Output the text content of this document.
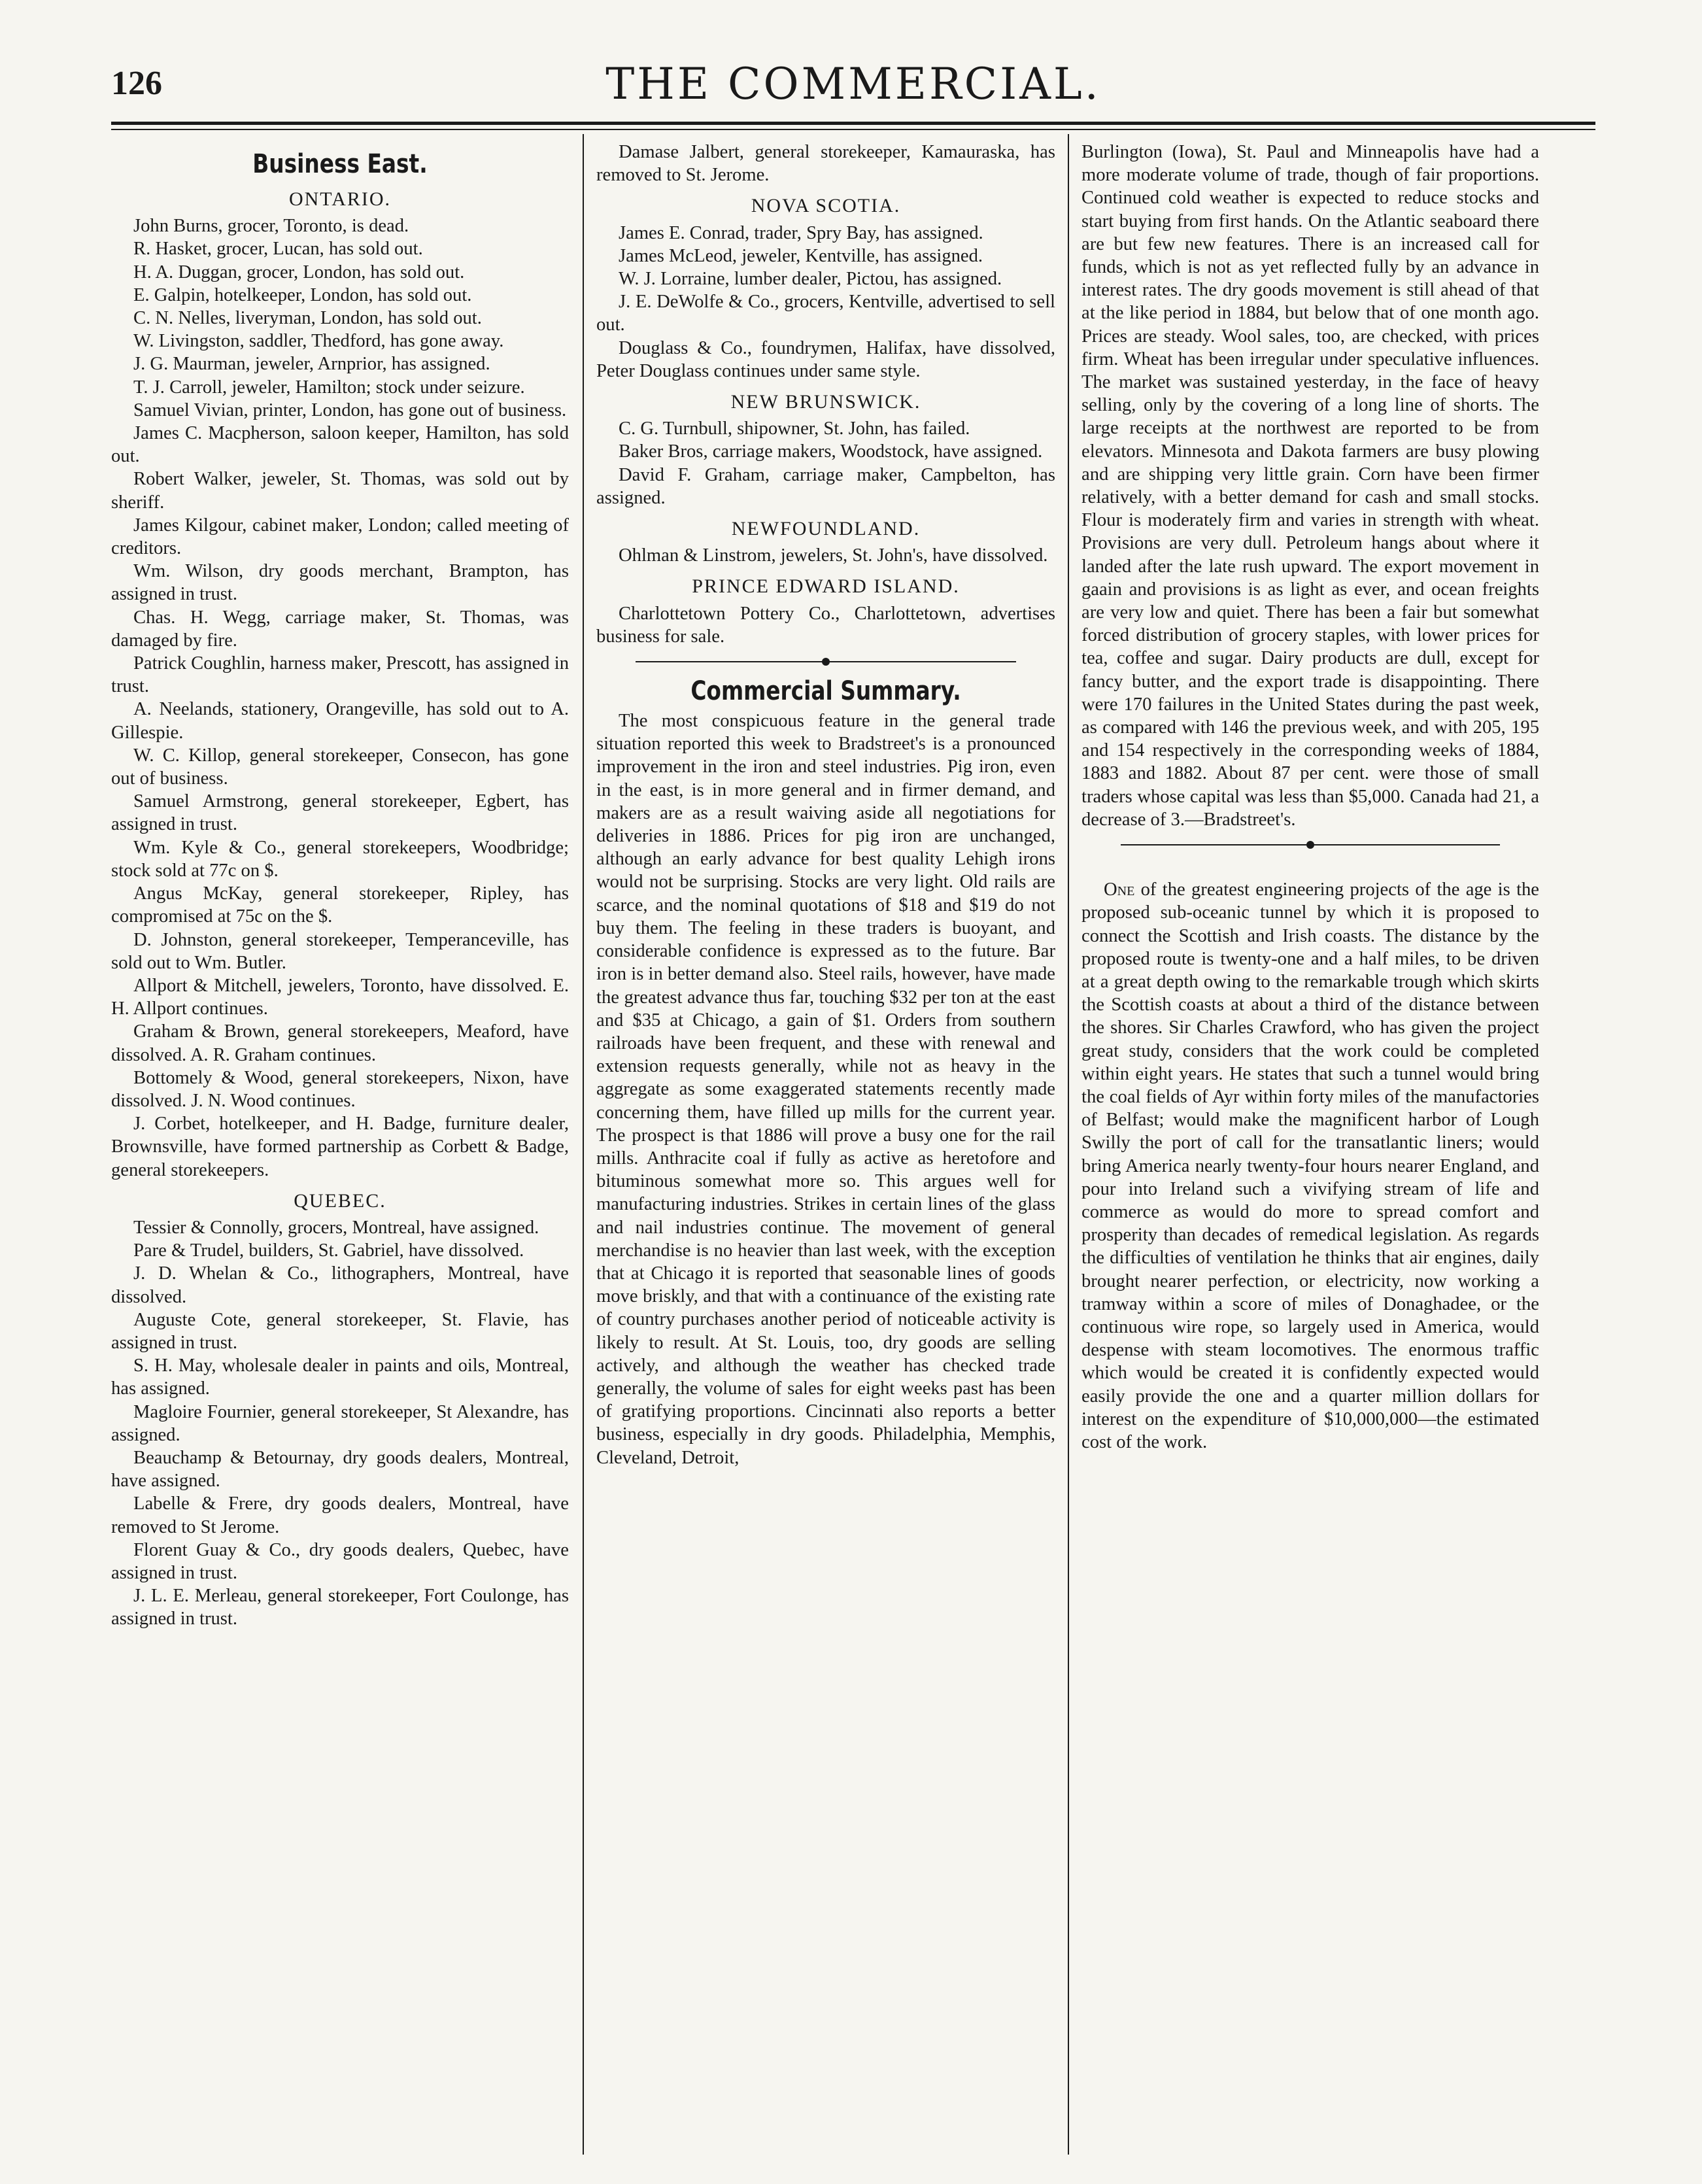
126	THE COMMERCIAL.
Business East.
ONTARIO.

John Burns, grocer, Toronto, is dead.

R. Hasket, grocer, Lucan, has sold out.

H. A. Duggan, grocer, London, has sold out.

E. Galpin, hotelkeeper, London, has sold out.

C. N. Nelles, liveryman, London, has sold out.

W. Livingston, saddler, Thedford, has gone away.

J. G. Maurman, jeweler, Arnprior, has assigned.

T. J. Carroll, jeweler, Hamilton; stock under seizure.

Samuel Vivian, printer, London, has gone out of business.

James C. Macpherson, saloon keeper, Hamilton, has sold out.

Robert Walker, jeweler, St. Thomas, was sold out by sheriff.

James Kilgour, cabinet maker, London; called meeting of creditors.

Wm. Wilson, dry goods merchant, Brampton, has assigned in trust.

Chas. H. Wegg, carriage maker, St. Thomas, was damaged by fire.

Patrick Coughlin, harness maker, Prescott, has assigned in trust.

A. Neelands, stationery, Orangeville, has sold out to A. Gillespie.

W. C. Killop, general storekeeper, Consecon, has gone out of business.

Samuel Armstrong, general storekeeper, Egbert, has assigned in trust.

Wm. Kyle & Co., general storekeepers, Woodbridge; stock sold at 77c on $.

Angus McKay, general storekeeper, Ripley, has compromised at 75c on the $.

D. Johnston, general storekeeper, Temperanceville, has sold out to Wm. Butler.

Allport & Mitchell, jewelers, Toronto, have dissolved. E. H. Allport continues.

Graham & Brown, general storekeepers, Meaford, have dissolved. A. R. Graham continues.

Bottomely & Wood, general storekeepers, Nixon, have dissolved. J. N. Wood continues.

J. Corbet, hotelkeeper, and H. Badge, furniture dealer, Brownsville, have formed partnership as Corbett & Badge, general storekeepers.

QUEBEC.

Tessier & Connolly, grocers, Montreal, have assigned.

Pare & Trudel, builders, St. Gabriel, have dissolved.

J. D. Whelan & Co., lithographers, Montreal, have dissolved.

Auguste Cote, general storekeeper, St. Flavie, has assigned in trust.

S. H. May, wholesale dealer in paints and oils, Montreal, has assigned.

Magloire Fournier, general storekeeper, St Alexandre, has assigned.

Beauchamp & Betournay, dry goods dealers, Montreal, have assigned.

Labelle & Frere, dry goods dealers, Montreal, have removed to St Jerome.

Florent Guay & Co., dry goods dealers, Quebec, have assigned in trust.

J. L. E. Merleau, general storekeeper, Fort Coulonge, has assigned in trust.

Damase Jalbert, general storekeeper, Kamauraska, has removed to St. Jerome.

NOVA SCOTIA.

James E. Conrad, trader, Spry Bay, has assigned.

James McLeod, jeweler, Kentville, has assigned.

W. J. Lorraine, lumber dealer, Pictou, has assigned.

J. E. DeWolfe & Co., grocers, Kentville, advertised to sell out.

Douglass & Co., foundrymen, Halifax, have dissolved, Peter Douglass continues under same style.

NEW BRUNSWICK.

C. G. Turnbull, shipowner, St. John, has failed.

Baker Bros, carriage makers, Woodstock, have assigned.

David F. Graham, carriage maker, Campbelton, has assigned.

NEWFOUNDLAND.

Ohlman & Linstrom, jewelers, St. John's, have dissolved.

PRINCE EDWARD ISLAND.

Charlottetown Pottery Co., Charlottetown, advertises business for sale.

Commercial Summary.

The most conspicuous feature in the general trade situation reported this week to Bradstreet's is a pronounced improvement in the iron and steel industries. Pig iron, even in the east, is in more general and in firmer demand, and makers are as a result waiving aside all negotiations for deliveries in 1886. Prices for pig iron are unchanged, although an early advance for best quality Lehigh irons would not be surprising. Stocks are very light. Old rails are scarce, and the nominal quotations of $18 and $19 do not buy them. The feeling in these traders is buoyant, and considerable confidence is expressed as to the future. Bar iron is in better demand also. Steel rails, however, have made the greatest advance thus far, touching $32 per ton at the east and $35 at Chicago, a gain of $1. Orders from southern railroads have been frequent, and these with renewal and extension requests generally, while not as heavy in the aggregate as some exaggerated statements recently made concerning them, have filled up mills for the current year. The prospect is that 1886 will prove a busy one for the rail mills. Anthracite coal if fully as active as heretofore and bituminous somewhat more so. This argues well for manufacturing industries. Strikes in certain lines of the glass and nail industries continue. The movement of general merchandise is no heavier than last week, with the exception that at Chicago it is reported that seasonable lines of goods move briskly, and that with a continuance of the existing rate of country purchases another period of noticeable activity is likely to result. At St. Louis, too, dry goods are selling actively, and although the weather has checked trade generally, the volume of sales for eight weeks past has been of gratifying proportions. Cincinnati also reports a better business, especially in dry goods. Philadelphia, Memphis, Cleveland, Detroit,

Burlington (Iowa), St. Paul and Minneapolis have had a more moderate volume of trade, though of fair proportions. Continued cold weather is expected to reduce stocks and start buying from first hands. On the Atlantic seaboard there are but few new features. There is an increased call for funds, which is not as yet reflected fully by an advance in interest rates. The dry goods movement is still ahead of that at the like period in 1884, but below that of one month ago. Prices are steady. Wool sales, too, are checked, with prices firm. Wheat has been irregular under speculative influences. The market was sustained yesterday, in the face of heavy selling, only by the covering of a long line of shorts. The large receipts at the northwest are reported to be from elevators. Minnesota and Dakota farmers are busy plowing and are shipping very little grain. Corn have been firmer relatively, with a better demand for cash and small stocks. Flour is moderately firm and varies in strength with wheat. Provisions are very dull. Petroleum hangs about where it landed after the late rush upward. The export movement in gaain and provisions is as light as ever, and ocean freights are very low and quiet. There has been a fair but somewhat forced distribution of grocery staples, with lower prices for tea, coffee and sugar. Dairy products are dull, except for fancy butter, and the export trade is disappointing. There were 170 failures in the United States during the past week, as compared with 146 the previous week, and with 205, 195 and 154 respectively in the corresponding weeks of 1884, 1883 and 1882. About 87 per cent. were those of small traders whose capital was less than $5,000. Canada had 21, a decrease of 3.—Bradstreet's.

One of the greatest engineering projects of the age is the proposed sub-oceanic tunnel by which it is proposed to connect the Scottish and Irish coasts. The distance by the proposed route is twenty-one and a half miles, to be driven at a great depth owing to the remarkable trough which skirts the Scottish coasts at about a third of the distance between the shores. Sir Charles Crawford, who has given the project great study, considers that the work could be completed within eight years. He states that such a tunnel would bring the coal fields of Ayr within forty miles of the manufactories of Belfast; would make the magnificent harbor of Lough Swilly the port of call for the transatlantic liners; would bring America nearly twenty-four hours nearer England, and pour into Ireland such a vivifying stream of life and commerce as would do more to spread comfort and prosperity than decades of remedical legislation. As regards the difficulties of ventilation he thinks that air engines, daily brought nearer perfection, or electricity, now working a tramway within a score of miles of Donaghadee, or the continuous wire rope, so largely used in America, would despense with steam locomotives. The enormous traffic which would be created it is confidently expected would easily provide the one and a quarter million dollars for interest on the expenditure of $10,000,000—the estimated cost of the work.
